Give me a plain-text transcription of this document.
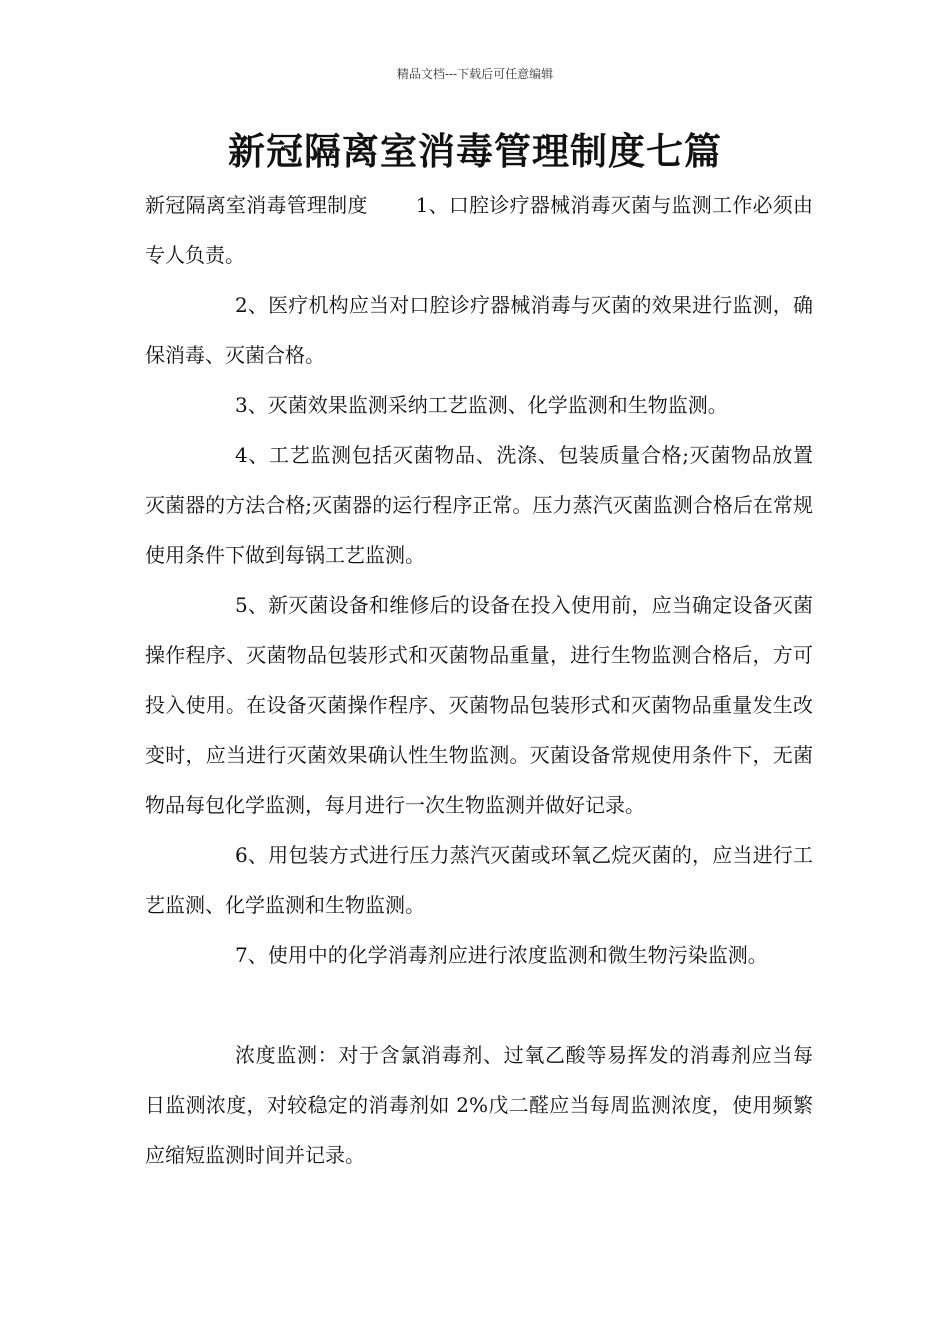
精品文档---下载后可任意编辑
新冠隔离室消毒管理制度七篇

新冠隔离室消毒管理制度 1、口腔诊疗器械消毒灭菌与监测工作必须由专人负责。

2、医疗机构应当对口腔诊疗器械消毒与灭菌的效果进行监测，确保消毒、灭菌合格。

3、灭菌效果监测采纳工艺监测、化学监测和生物监测。

4、工艺监测包括灭菌物品、洗涤、包装质量合格;灭菌物品放置灭菌器的方法合格;灭菌器的运行程序正常。压力蒸汽灭菌监测合格后在常规使用条件下做到每锅工艺监测。

5、新灭菌设备和维修后的设备在投入使用前，应当确定设备灭菌操作程序、灭菌物品包装形式和灭菌物品重量，进行生物监测合格后，方可投入使用。在设备灭菌操作程序、灭菌物品包装形式和灭菌物品重量发生改变时，应当进行灭菌效果确认性生物监测。灭菌设备常规使用条件下，无菌物品每包化学监测，每月进行一次生物监测并做好记录。

6、用包装方式进行压力蒸汽灭菌或环氧乙烷灭菌的，应当进行工艺监测、化学监测和生物监测。

7、使用中的化学消毒剂应进行浓度监测和微生物污染监测。

浓度监测：对于含氯消毒剂、过氧乙酸等易挥发的消毒剂应当每日监测浓度，对较稳定的消毒剂如 2%戊二醛应当每周监测浓度，使用频繁应缩短监测时间并记录。
